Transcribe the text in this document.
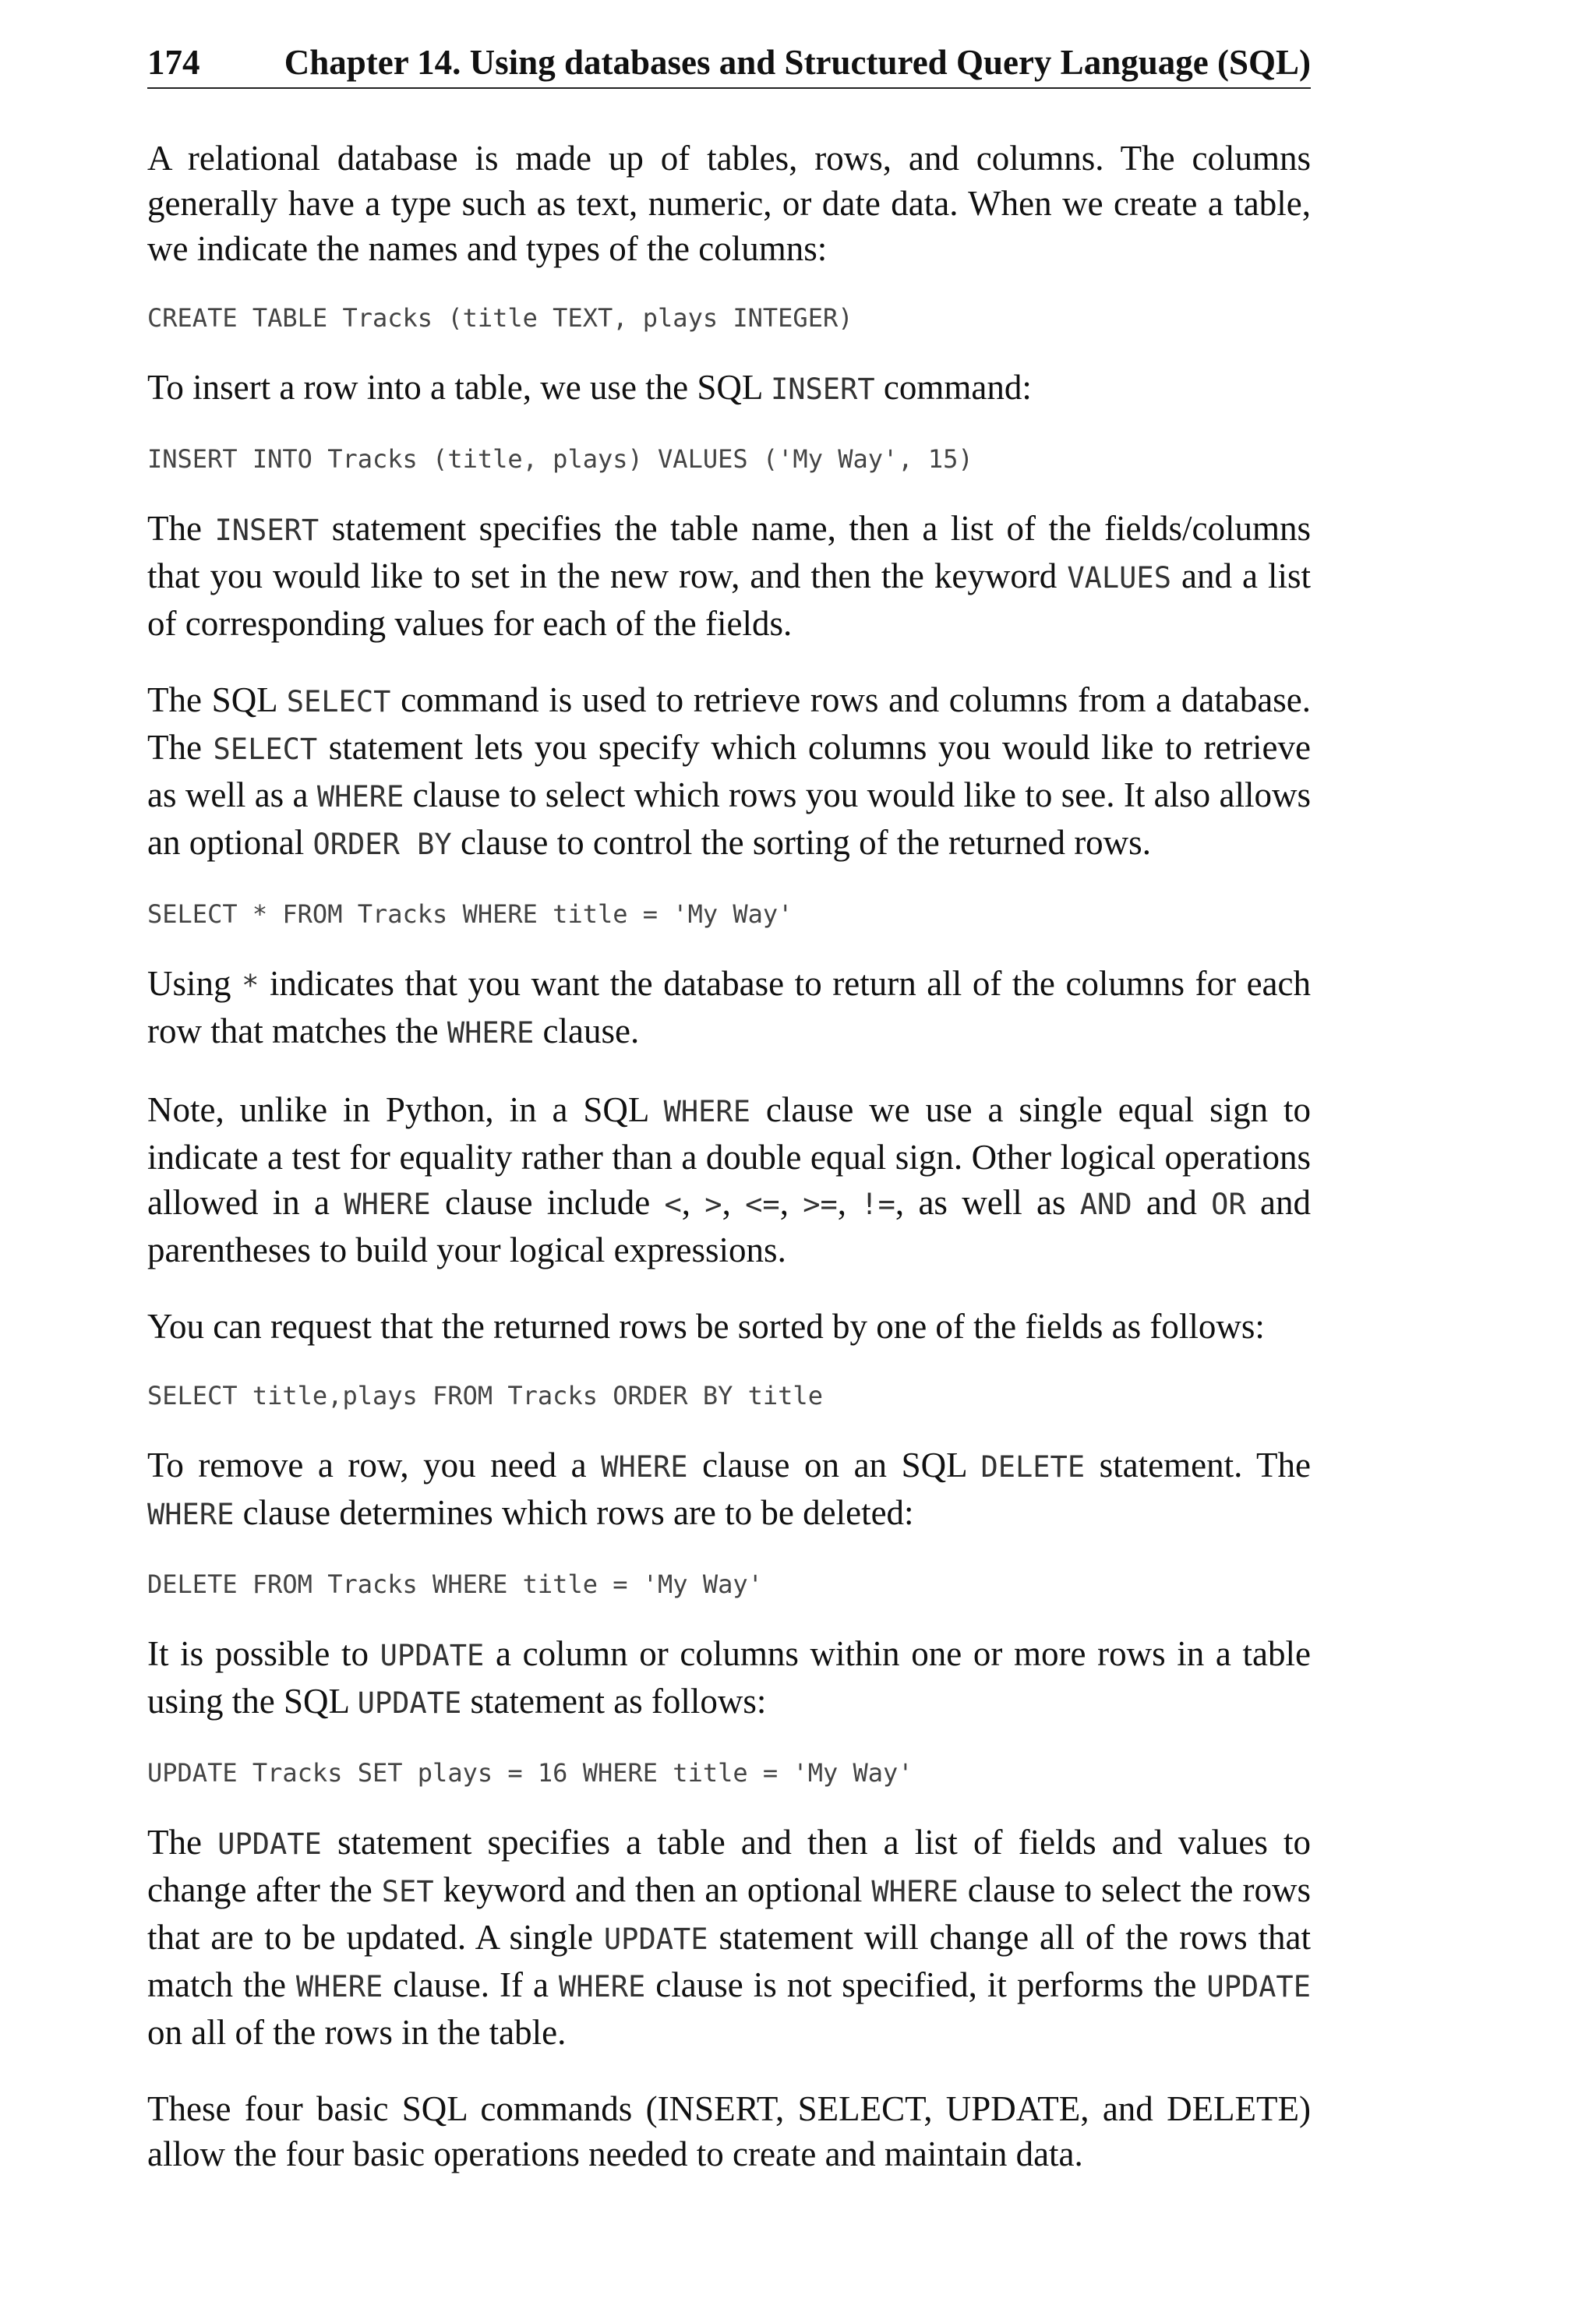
174	Chapter 14. Using databases and Structured Query Language (SQL)

A relational database is made up of tables, rows, and columns. The columns generally have a type such as text, numeric, or date data. When we create a table, we indicate the names and types of the columns:

CREATE TABLE Tracks (title TEXT, plays INTEGER)

To insert a row into a table, we use the SQL INSERT command:

INSERT INTO Tracks (title, plays) VALUES ('My Way', 15)

The INSERT statement specifies the table name, then a list of the fields/columns that you would like to set in the new row, and then the keyword VALUES and a list of corresponding values for each of the fields.

The SQL SELECT command is used to retrieve rows and columns from a database. The SELECT statement lets you specify which columns you would like to retrieve as well as a WHERE clause to select which rows you would like to see. It also allows an optional ORDER BY clause to control the sorting of the returned rows.

SELECT * FROM Tracks WHERE title = 'My Way'

Using * indicates that you want the database to return all of the columns for each row that matches the WHERE clause.

Note, unlike in Python, in a SQL WHERE clause we use a single equal sign to indicate a test for equality rather than a double equal sign. Other logical operations allowed in a WHERE clause include <, >, <=, >=, !=, as well as AND and OR and parentheses to build your logical expressions.

You can request that the returned rows be sorted by one of the fields as follows:

SELECT title,plays FROM Tracks ORDER BY title

To remove a row, you need a WHERE clause on an SQL DELETE statement. The WHERE clause determines which rows are to be deleted:

DELETE FROM Tracks WHERE title = 'My Way'

It is possible to UPDATE a column or columns within one or more rows in a table using the SQL UPDATE statement as follows:

UPDATE Tracks SET plays = 16 WHERE title = 'My Way'

The UPDATE statement specifies a table and then a list of fields and values to change after the SET keyword and then an optional WHERE clause to select the rows that are to be updated. A single UPDATE statement will change all of the rows that match the WHERE clause. If a WHERE clause is not specified, it performs the UPDATE on all of the rows in the table.

These four basic SQL commands (INSERT, SELECT, UPDATE, and DELETE) allow the four basic operations needed to create and maintain data.
